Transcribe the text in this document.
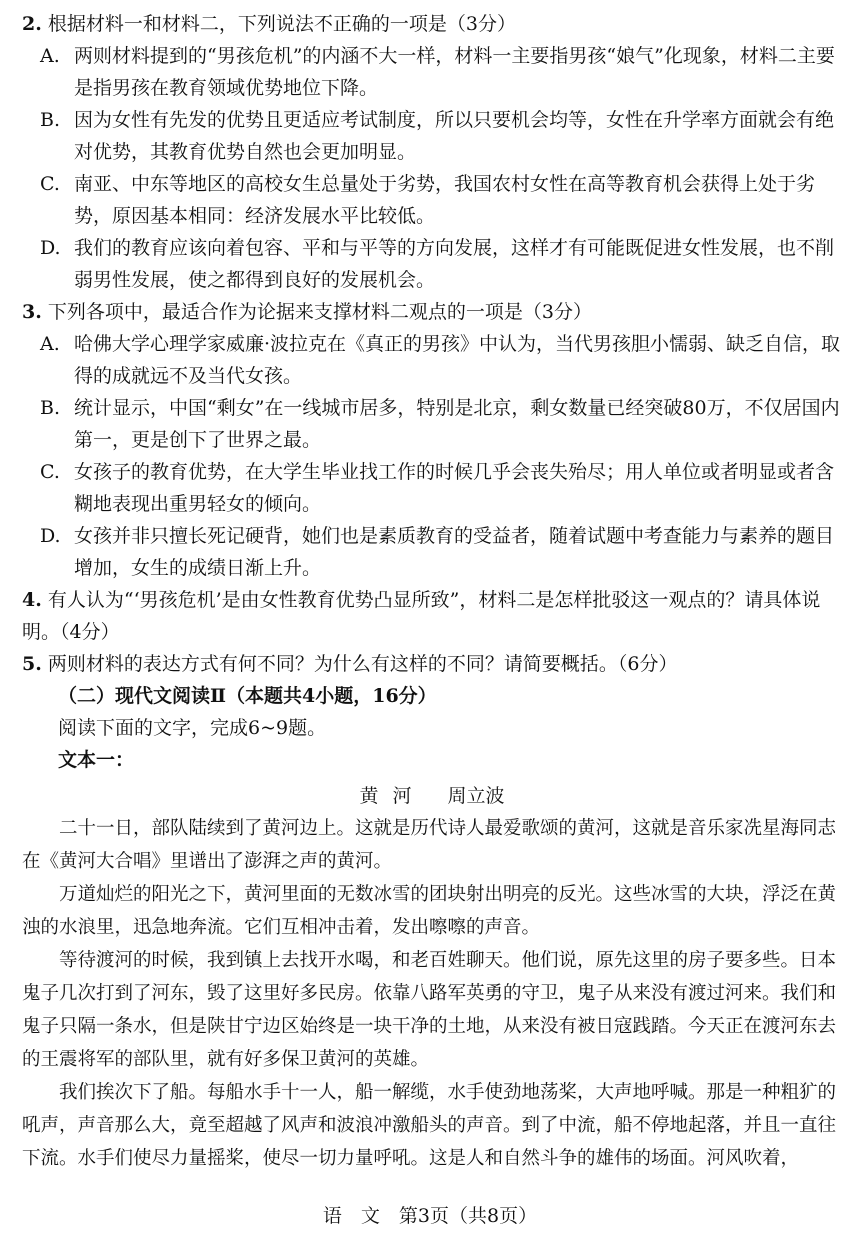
2. 根据材料一和材料二，下列说法不正确的一项是（3分）

A. 两则材料提到的“男孩危机”的内涵不大一样，材料一主要指男孩“娘气”化现象，材料二主要是指男孩在教育领域优势地位下降。

B. 因为女性有先发的优势且更适应考试制度，所以只要机会均等，女性在升学率方面就会有绝对优势，其教育优势自然也会更加明显。

C. 南亚、中东等地区的高校女生总量处于劣势，我国农村女性在高等教育机会获得上处于劣势，原因基本相同：经济发展水平比较低。

D. 我们的教育应该向着包容、平和与平等的方向发展，这样才有可能既促进女性发展，也不削弱男性发展，使之都得到良好的发展机会。

3. 下列各项中，最适合作为论据来支撑材料二观点的一项是（3分）

A. 哈佛大学心理学家威廉·波拉克在《真正的男孩》中认为，当代男孩胆小懦弱、缺乏自信，取得的成就远不及当代女孩。

B. 统计显示，中国“剩女”在一线城市居多，特别是北京，剩女数量已经突破80万，不仅居国内第一，更是创下了世界之最。

C. 女孩子的教育优势，在大学生毕业找工作的时候几乎会丧失殆尽；用人单位或者明显或者含糊地表现出重男轻女的倾向。

D. 女孩并非只擅长死记硬背，她们也是素质教育的受益者，随着试题中考查能力与素养的题目增加，女生的成绩日渐上升。

4. 有人认为“‘男孩危机’是由女性教育优势凸显所致”，材料二是怎样批驳这一观点的？请具体说明。（4分）

5. 两则材料的表达方式有何不同？为什么有这样的不同？请简要概括。（6分）

（二）现代文阅读Ⅱ（本题共4小题，16分）

阅读下面的文字，完成6~9题。

文本一：

黄河 周立波

二十一日，部队陆续到了黄河边上。这就是历代诗人最爱歌颂的黄河，这就是音乐家冼星海同志在《黄河大合唱》里谱出了澎湃之声的黄河。

万道灿烂的阳光之下，黄河里面的无数冰雪的团块射出明亮的反光。这些冰雪的大块，浮泛在黄浊的水浪里，迅急地奔流。它们互相冲击着，发出嚓嚓的声音。

等待渡河的时候，我到镇上去找开水喝，和老百姓聊天。他们说，原先这里的房子要多些。日本鬼子几次打到了河东，毁了这里好多民房。依靠八路军英勇的守卫，鬼子从来没有渡过河来。我们和鬼子只隔一条水，但是陕甘宁边区始终是一块干净的土地，从来没有被日寇践踏。今天正在渡河东去的王震将军的部队里，就有好多保卫黄河的英雄。

我们挨次下了船。每船水手十一人，船一解缆，水手使劲地荡桨，大声地呼喊。那是一种粗犷的吼声，声音那么大，竟至超越了风声和波浪冲激船头的声音。到了中流，船不停地起落，并且一直往下流。水手们使尽力量摇桨，使尽一切力量呼吼。这是人和自然斗争的雄伟的场面。河风吹着，

语　文　第3页（共8页）
